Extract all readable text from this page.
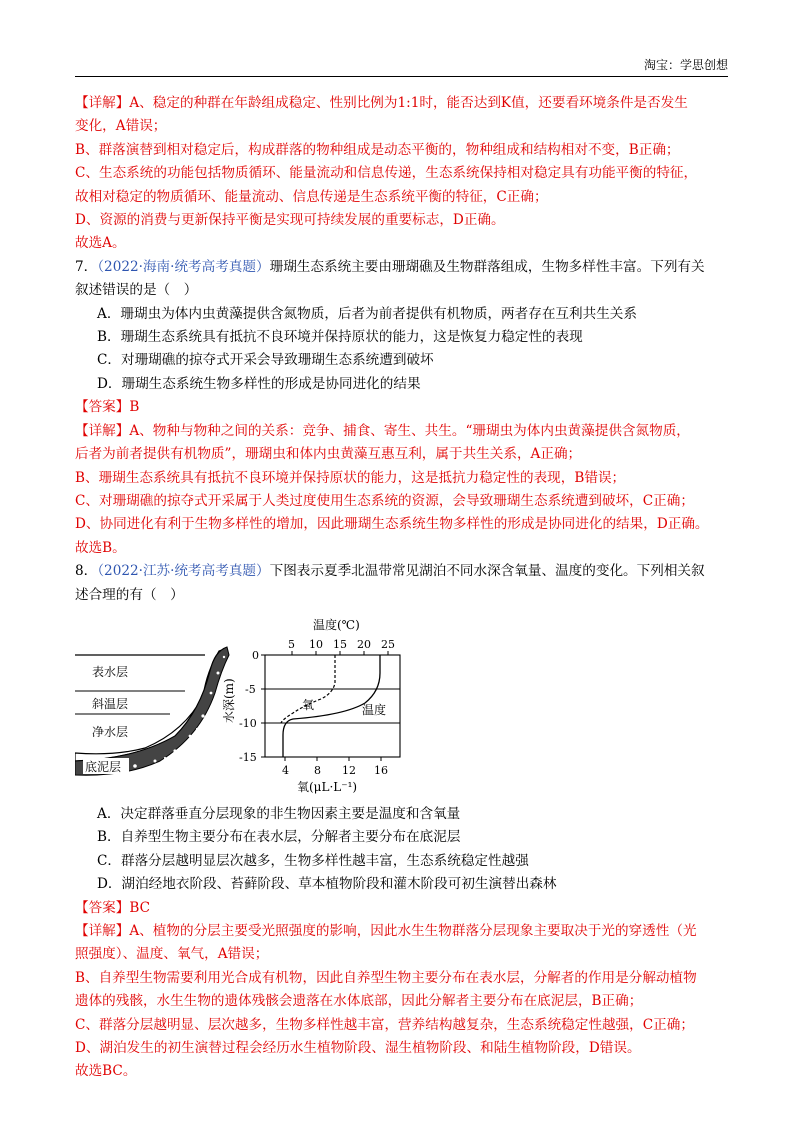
淘宝：学思创想
【详解】A、稳定的种群在年龄组成稳定、性别比例为1:1时，能否达到K值，还要看环境条件是否发生
变化，A错误；
B、群落演替到相对稳定后，构成群落的物种组成是动态平衡的，物种组成和结构相对不变，B正确；
C、生态系统的功能包括物质循环、能量流动和信息传递，生态系统保持相对稳定具有功能平衡的特征，
故相对稳定的物质循环、能量流动、信息传递是生态系统平衡的特征，C正确；
D、资源的消费与更新保持平衡是实现可持续发展的重要标志，D正确。
故选A。
7．（2022·海南·统考高考真题）珊瑚生态系统主要由珊瑚礁及生物群落组成，生物多样性丰富。下列有关
叙述错误的是（　）
A．珊瑚虫为体内虫黄藻提供含氮物质，后者为前者提供有机物质，两者存在互利共生关系
B．珊瑚生态系统具有抵抗不良环境并保持原状的能力，这是恢复力稳定性的表现
C．对珊瑚礁的掠夺式开采会导致珊瑚生态系统遭到破坏
D．珊瑚生态系统生物多样性的形成是协同进化的结果
【答案】B
【详解】A、物种与物种之间的关系：竞争、捕食、寄生、共生。“珊瑚虫为体内虫黄藻提供含氮物质，
后者为前者提供有机物质”，珊瑚虫和体内虫黄藻互惠互利，属于共生关系，A正确；
B、珊瑚生态系统具有抵抗不良环境并保持原状的能力，这是抵抗力稳定性的表现，B错误；
C、对珊瑚礁的掠夺式开采属于人类过度使用生态系统的资源，会导致珊瑚生态系统遭到破坏，C正确；
D、协同进化有利于生物多样性的增加，因此珊瑚生态系统生物多样性的形成是协同进化的结果，D正确。
故选B。
8．（2022·江苏·统考高考真题）下图表示夏季北温带常见湖泊不同水深含氧量、温度的变化。下列相关叙
述合理的有（　）
表水层
斜温层
净水层
底泥层
温度(℃)
5 10 15 20 25
0
-5
-10
-15
4 8 12 16
氧(μL·L⁻¹)
水深(m)	氧	温度
A．决定群落垂直分层现象的非生物因素主要是温度和含氧量
B．自养型生物主要分布在表水层，分解者主要分布在底泥层
C．群落分层越明显层次越多，生物多样性越丰富，生态系统稳定性越强
D．湖泊经地衣阶段、苔藓阶段、草本植物阶段和灌木阶段可初生演替出森林
【答案】BC
【详解】A、植物的分层主要受光照强度的影响，因此水生生物群落分层现象主要取决于光的穿透性（光
照强度）、温度、氧气，A错误；
B、自养型生物需要利用光合成有机物，因此自养型生物主要分布在表水层，分解者的作用是分解动植物
遗体的残骸，水生生物的遗体残骸会遗落在水体底部，因此分解者主要分布在底泥层，B正确；
C、群落分层越明显、层次越多，生物多样性越丰富，营养结构越复杂，生态系统稳定性越强，C正确；
D、湖泊发生的初生演替过程会经历水生植物阶段、湿生植物阶段、和陆生植物阶段，D错误。
故选BC。
